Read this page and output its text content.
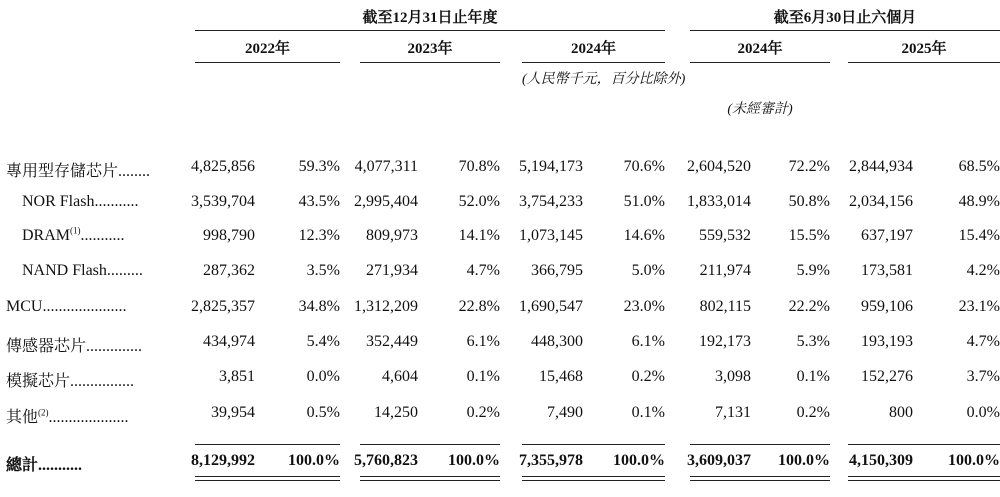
截至12月31日止年度	截至6月30日止六個月
2022年	2023年	2024年	2024年	2025年
(人民幣千元，百分比除外)
(未經審計)
專用型存儲芯片........	4,825,856	59.3% 4,077,311	70.8%	5,194,173	70.6%	2,604,520	72.2%	2,844,934	68.5%
NOR Flash...........	3,539,704	43.5% 2,995,404	52.0%	3,754,233	51.0%	1,833,014	50.8%	2,034,156	48.9%
DRAM$^{(1)}$...........	998,790	12.3%	809,973	14.1%	1,073,145	14.6%	559,532	15.5%	637,197	15.4%
NAND Flash.........	287,362	3.5%	271,934	4.7%	366,795	5.0%	211,974	5.9%	173,581	4.2%
MCU.....................	2,825,357	34.8% 1,312,209	22.8%	1,690,547	23.0%	802,115	22.2%	959,106	23.1%
傳感器芯片..............	434,974	5.4%	352,449	6.1%	448,300	6.1%	192,173	5.3%	193,193	4.7%
模擬芯片................	3,851	0.0%	4,604	0.1%	15,468	0.2%	3,098	0.1%	152,276	3.7%
其他$^{(2)}$....................	39,954	0.5%	14,250	0.2%	7,490	0.1%	7,131	0.2%	800	0.0%
總計...........	8,129,992	100.0% 5,760,823	100.0%	7,355,978	100.0%	3,609,037	100.0%	4,150,309	100.0%
